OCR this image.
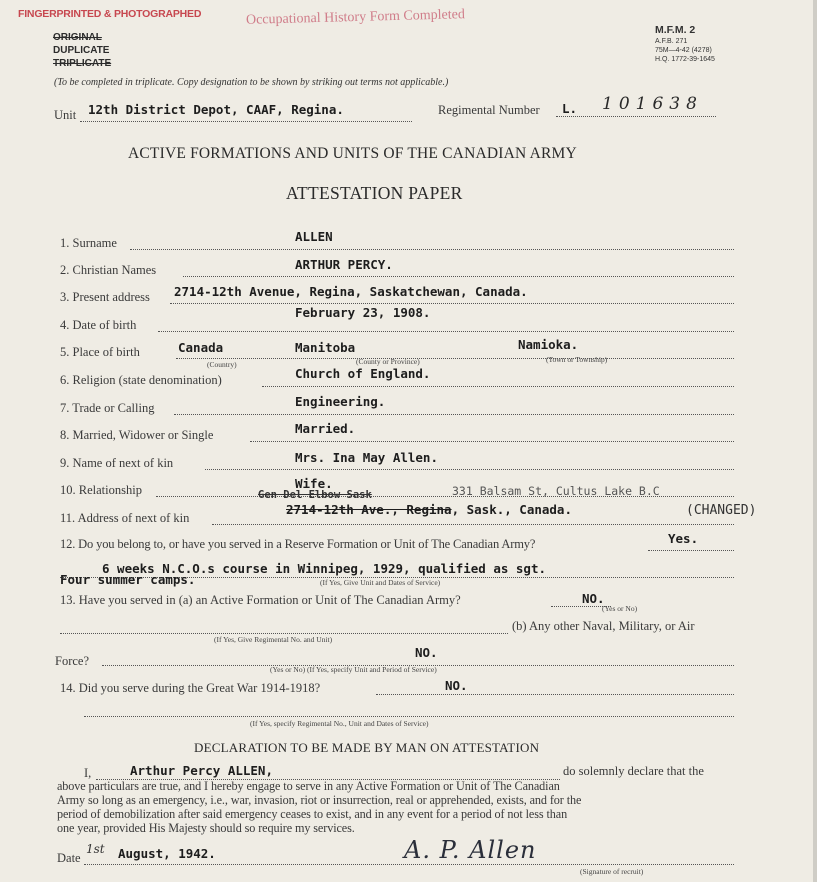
FINGERPRINTED & PHOTOGRAPHED	Occupational History Form Completed
ORIGINAL
DUPLICATE
TRIPLICATE
M.F.M. 2
A.F.B. 271
75M—4-42 (4278)
H.Q. 1772-39-1645
(To be completed in triplicate. Copy designation to be shown by striking out terms not applicable.)
Unit 12th District Depot, CAAF, Regina.	Regimental Number L. 101638
ACTIVE FORMATIONS AND UNITS OF THE CANADIAN ARMY
ATTESTATION PAPER
1. Surname	ALLEN
2. Christian Names	ARTHUR PERCY.
3. Present address 2714-12th Avenue, Regina, Saskatchewan, Canada.
4. Date of birth
February 23, 1908.
5. Place of birth	Canada	Manitoba	Namioka.
(Country)	(County or Province)	(Town or Township)
6. Religion (state denomination)	Church of England.
7. Trade or Calling	Engineering.
8. Married, Widower or Single	Married.
9. Name of next of kin	Mrs. Ina May Allen.
10. Relationship	Wife.
Gen Del Elbow Sask	331 Balsam St, Cultus Lake B.C
11. Address of next of kin
2714-12th Ave., Regina, Sask., Canada.	(CHANGED)
12. Do you belong to, or have you served in a Reserve Formation or Unit of The Canadian Army?	Yes.
6 weeks N.C.O.s course in Winnipeg, 1929, qualified as sgt.
Four summer camps.	(If Yes, Give Unit and Dates of Service)
13. Have you served in (a) an Active Formation or Unit of The Canadian Army?	NO.
(Yes or No)
(b) Any other Naval, Military, or Air
(If Yes, Give Regimental No. and Unit)
Force?
NO.
(Yes or No) (If Yes, specify Unit and Period of Service)
14. Did you serve during the Great War 1914-1918?	NO.
(If Yes, specify Regimental No., Unit and Dates of Service)
DECLARATION TO BE MADE BY MAN ON ATTESTATION
I,	Arthur Percy ALLEN,	do solemnly declare that the
above particulars are true, and I hereby engage to serve in any Active Formation or Unit of The Canadian
Army so long as an emergency, i.e., war, invasion, riot or insurrection, real or apprehended, exists, and for the
period of demobilization after said emergency ceases to exist, and in any event for a period of not less than
one year, provided His Majesty should so require my services.
Date
1st August, 1942.	A. P. Allen
(Signature of recruit)
